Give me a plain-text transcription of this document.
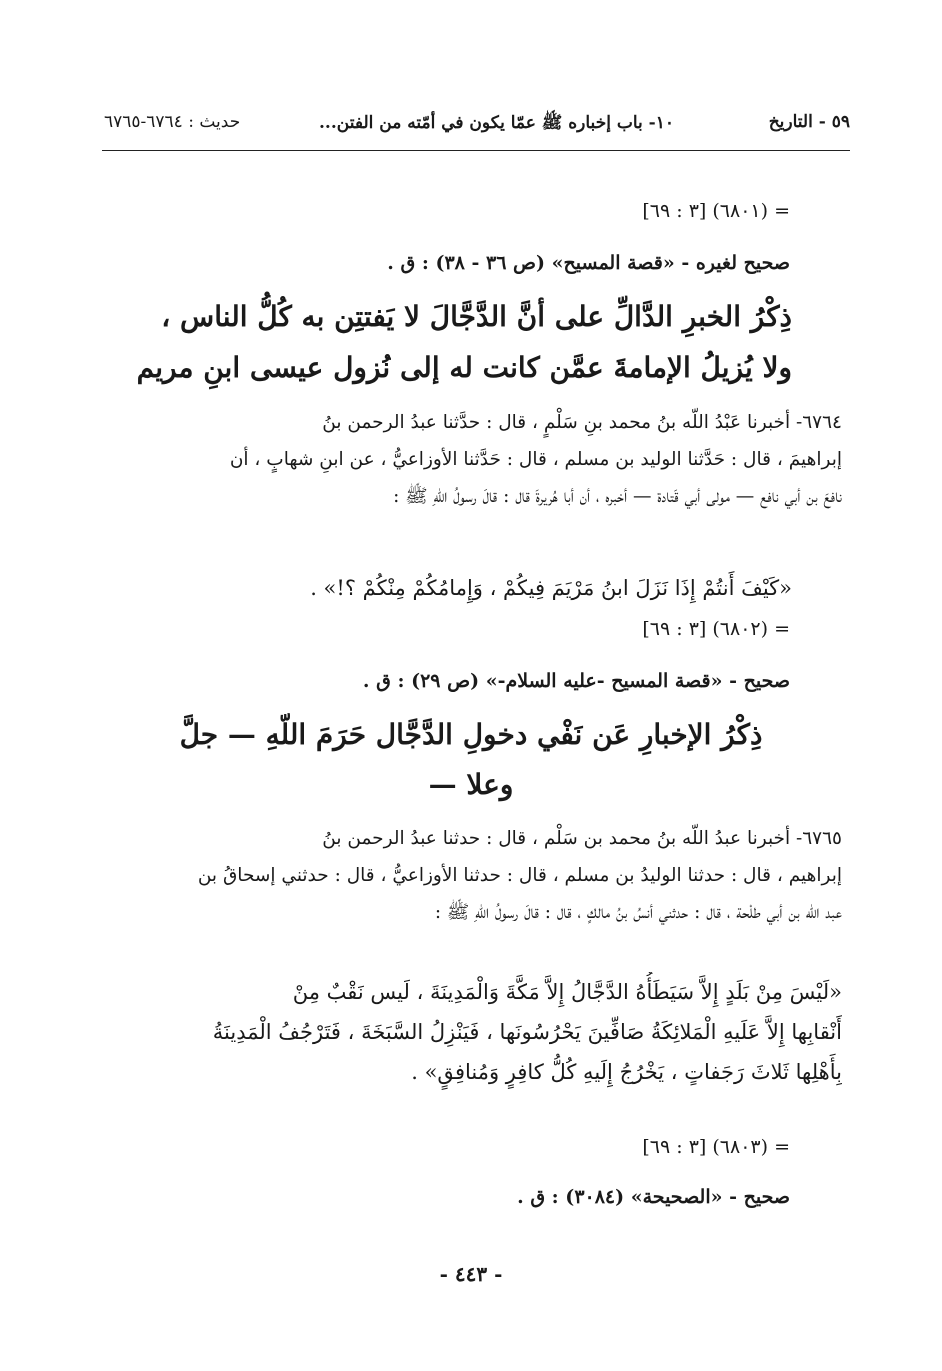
٥٩ - التاريخ
١٠- باب إخباره ﷺ عمّا يكون في أمّته من الفتن...
حديث : ٦٧٦٤-٦٧٦٥
= (٦٨٠١) [٣ : ٦٩]
صحيح لغيره - «قصة المسيح» (ص ٣٦ - ٣٨) : ق .
ذِكْرُ الخبرِ الدَّالِّ على أنَّ الدَّجَّالَ لا يَفتتِن به كُلُّ الناس ،
ولا يُزيلُ الإمامةَ عمَّن كانت له إلى نُزول عيسى ابنِ مريم
٦٧٦٤- أخبرنا عَبْدُ اللّه بنُ محمد بنِ سَلْمٍ ، قال : حدَّثنا عبدُ الرحمن بنُ
إبراهيمَ ، قال : حَدَّثنا الوليد بن مسلم ، قال : حَدَّثنا الأوزاعيُّ ، عن ابنِ شهابٍ ، أن
نافعَ بن أبي نافع — مولى أبي قَتادة — أخبره ، أن أبا هُريرةَ قال : قالَ رسولُ اللّهِ ﷺ :
«كَيْفَ أَنتُمْ إِذَا نَزَلَ ابنُ مَرْيَمَ فِيكُمْ ، وَإِمامُكُمْ مِنْكُمْ ؟!» .
= (٦٨٠٢) [٣ : ٦٩]
صحيح - «قصة المسيح -عليه السلام-» (ص ٢٩) : ق .
ذِكْرُ الإخبارِ عَن نَفْي دخولِ الدَّجَّال حَرَمَ اللّهِ — جلَّ
وعلا —
٦٧٦٥- أخبرنا عبدُ اللّه بنُ محمد بن سَلْم ، قال : حدثنا عبدُ الرحمن بنُ
إبراهيم ، قال : حدثنا الوليدُ بن مسلم ، قال : حدثنا الأوزاعيُّ ، قال : حدثني إسحاقُ بن
عبد اللّه بن أبي طلْحة ، قال : حدثني أنسُ بنُ مالكٍ ، قال : قالَ رسولُ اللّهِ ﷺ :
«لَيْسَ مِنْ بَلَدٍ إِلاَّ سَيَطَأُهُ الدَّجَّالُ إِلاَّ مَكَّةَ وَالْمَدِينَةَ ، لَيس نَقْبٌ مِنْ
أَنْقابِها إِلاَّ عَلَيهِ الْمَلائِكَةُ صَافِّينَ يَحْرُسُونَها ، فَيَنْزِلُ السَّبَخَةَ ، فَتَرْجُفُ الْمَدِينَةُ
بِأَهْلِها ثَلاثَ رَجَفاتٍ ، يَخْرُجُ إِلَيهِ كُلُّ كافِرٍ وَمُنافِقٍ» .
= (٦٨٠٣) [٣ : ٦٩]
صحيح - «الصحيحة» (٣٠٨٤) : ق .
- ٤٤٣ -
